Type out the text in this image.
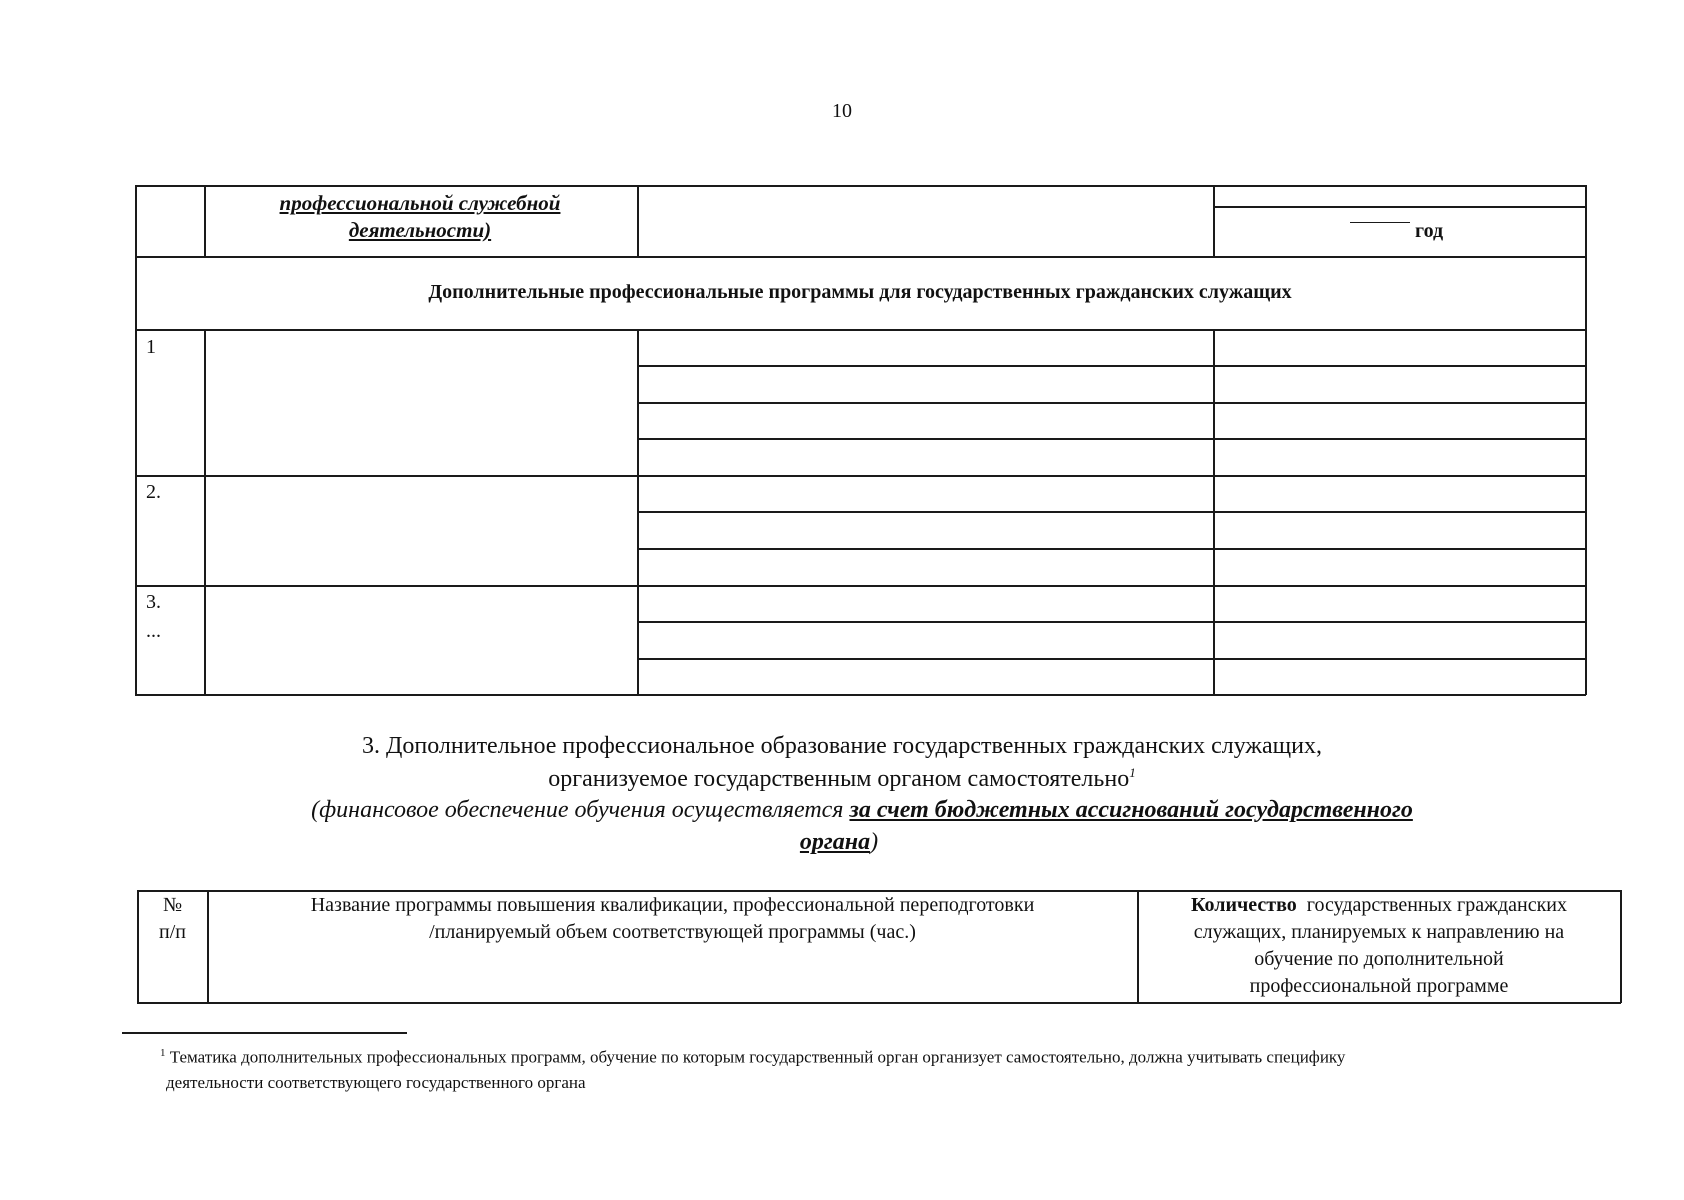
10
профессиональной служебной
деятельности)	год
Дополнительные профессиональные программы для государственных гражданских служащих
1
2.
3.
...
3. Дополнительное профессиональное образование государственных гражданских служащих,
организуемое государственным органом самостоятельно$^1$
(финансовое обеспечение обучения осуществляется за счет бюджетных ассигнований государственного
органа)
№
п/п
Название программы повышения квалификации, профессиональной переподготовки
/планируемый объем соответствующей программы (час.)
Количество  государственных гражданских
служащих, планируемых к направлению на
обучение по дополнительной
профессиональной программе
$^1$ Тематика дополнительных профессиональных программ, обучение по которым государственный орган организует самостоятельно, должна учитывать специфику
деятельности соответствующего государственного органа
